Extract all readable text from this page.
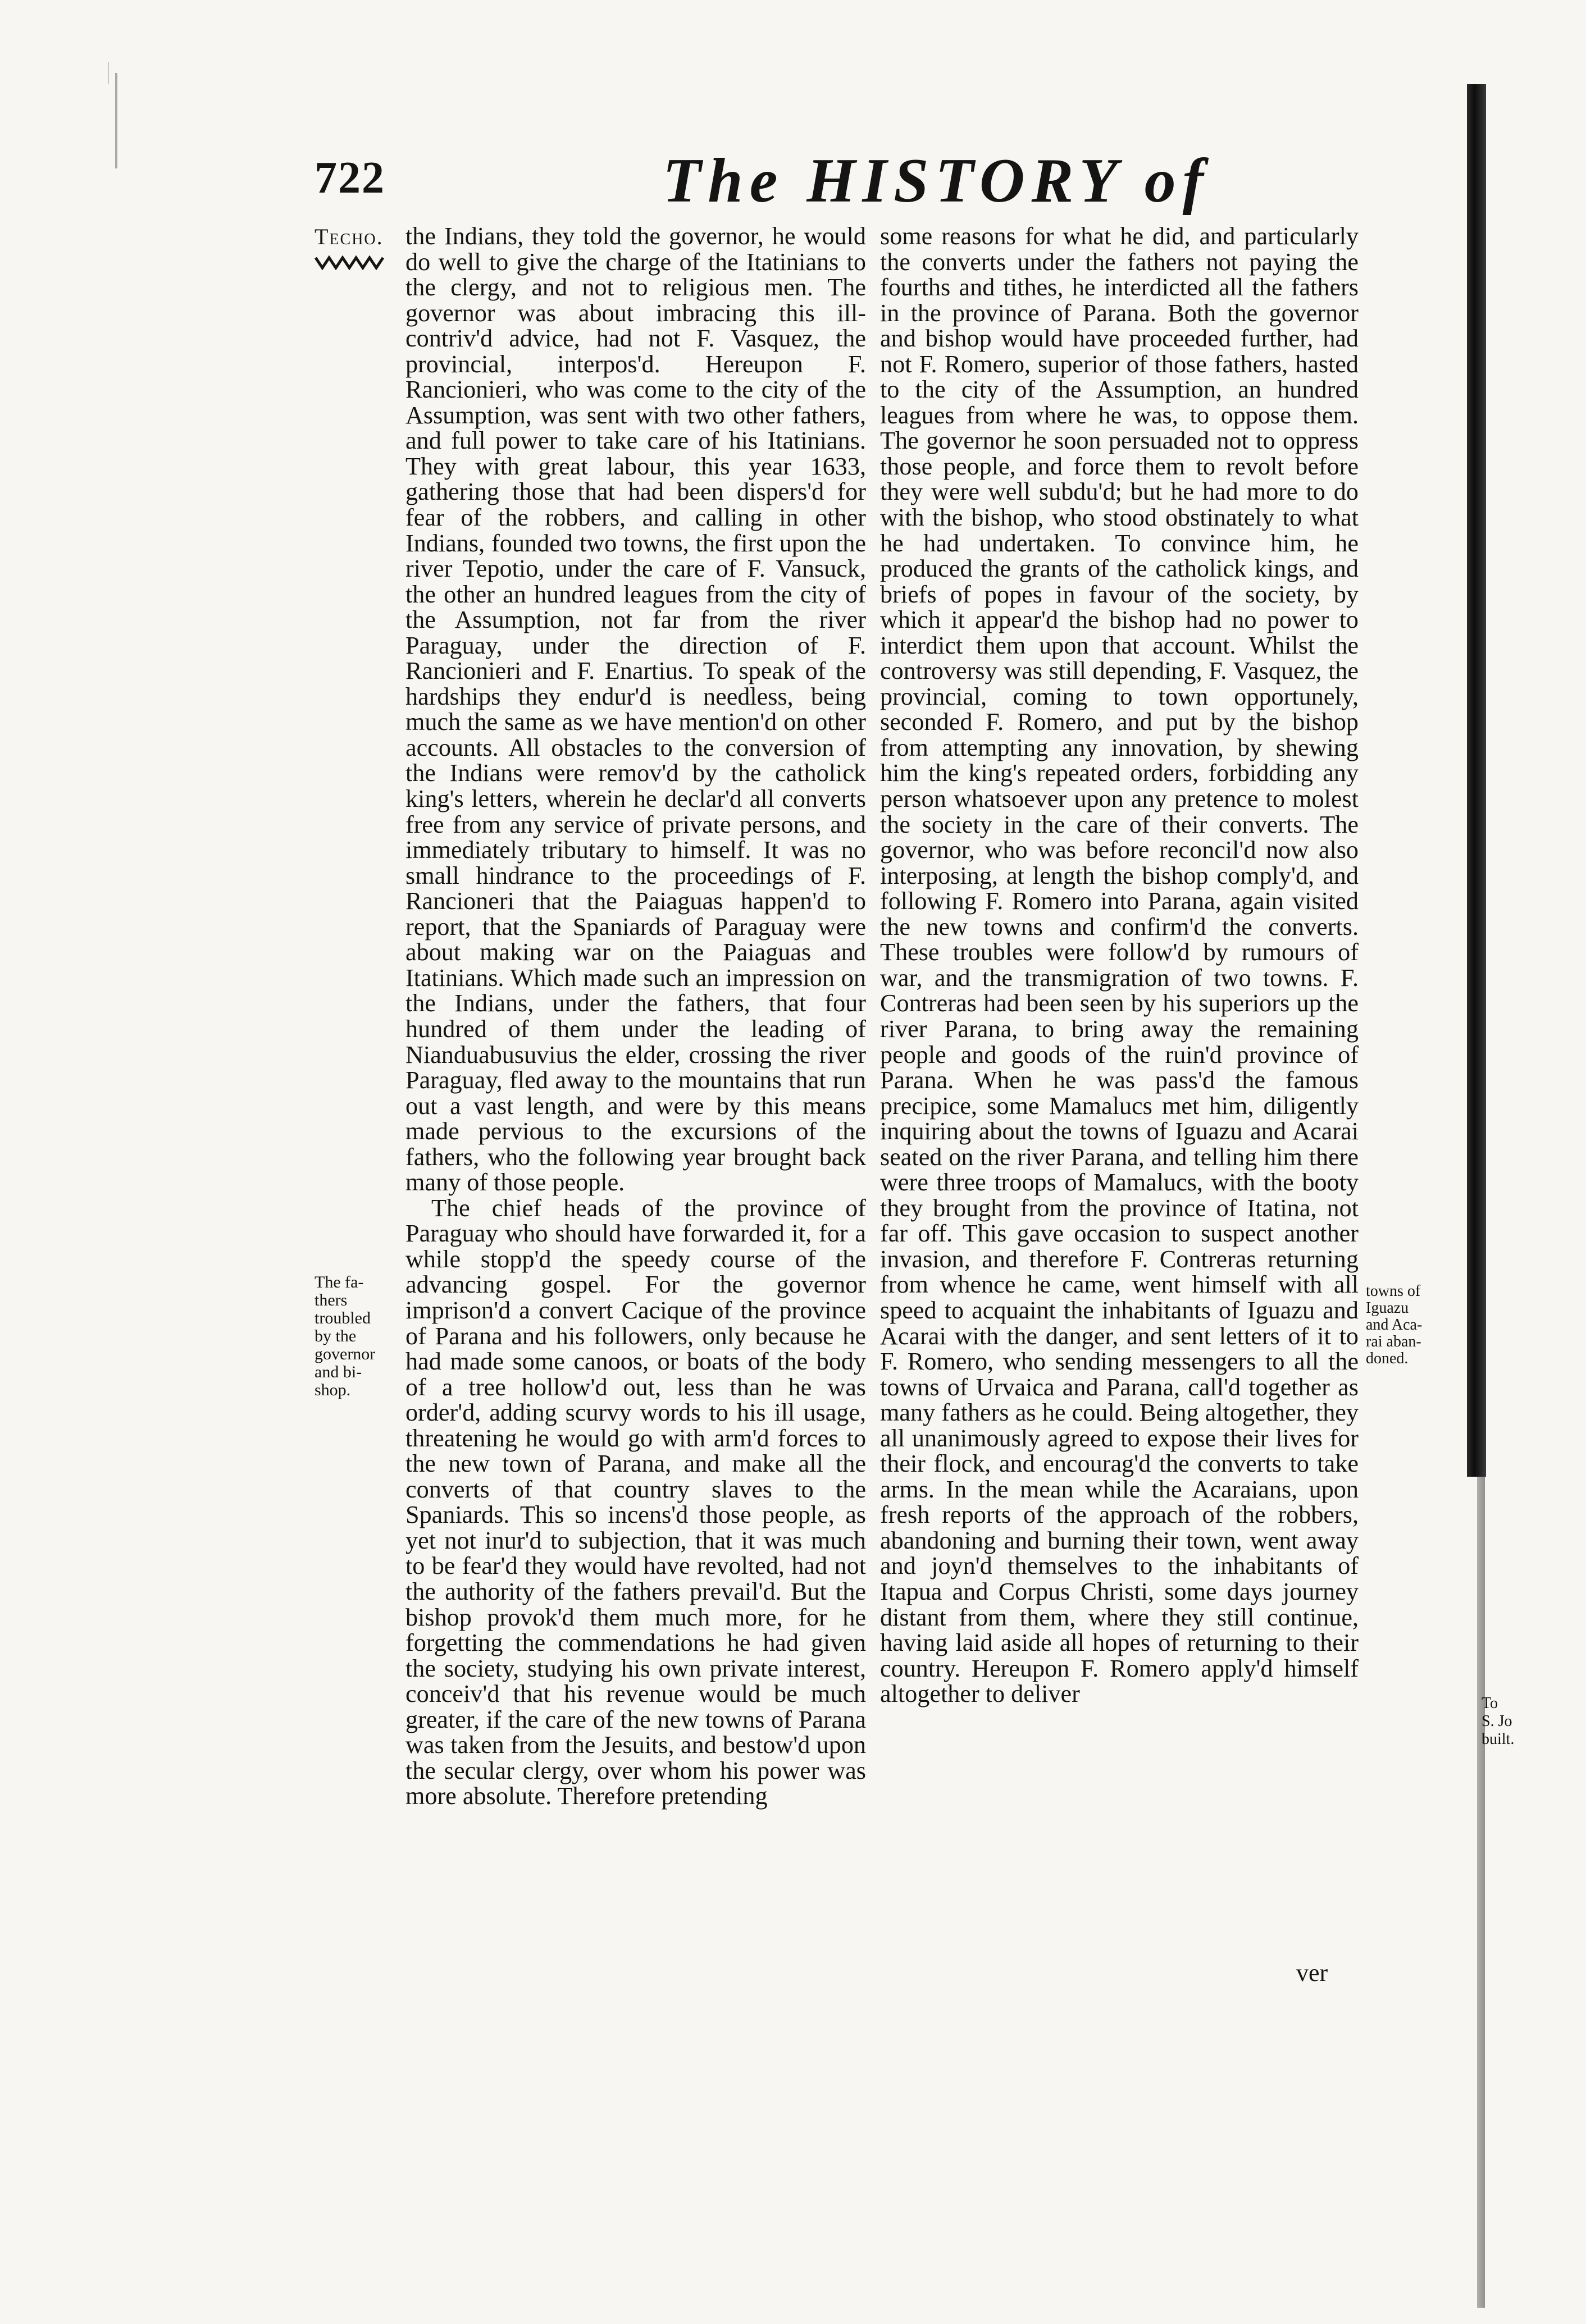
722	The HISTORY of
Techo. the Indians, they told the governor, he would do well to give the charge of the Itatinians to the clergy, and not to religious men. The governor was about imbracing this ill-contriv'd advice, had not F. Vasquez, the provincial, interpos'd. Hereupon F. Rancionieri, who was come to the city of the Assumption, was sent with two other fathers, and full power to take care of his Itatinians. They with great labour, this year 1633, gathering those that had been dispers'd for fear of the robbers, and calling in other Indians, founded two towns, the first upon the river Tepotio, under the care of F. Vansuck, the other an hundred leagues from the city of the Assumption, not far from the river Paraguay, under the direction of F. Rancionieri and F. Enartius. To speak of the hardships they endur'd is needless, being much the same as we have mention'd on other accounts. All obstacles to the conversion of the Indians were remov'd by the catholick king's letters, wherein he declar'd all converts free from any service of private persons, and immediately tributary to himself. It was no small hindrance to the proceedings of F. Rancioneri that the Paiaguas happen'd to report, that the Spaniards of Paraguay were about making war on the Paiaguas and Itatinians. Which made such an impression on the Indians, under the fathers, that four hundred of them under the leading of Nianduabusuvius the elder, crossing the river Paraguay, fled away to the mountains that run out a vast length, and were by this means made pervious to the excursions of the fathers, who the following year brought back many of those people.

The chief heads of the province of Paraguay who should have forwarded it, for a while stopp'd the speedy course of the advancing gospel. For the governor imprison'd a convert Cacique of the province of Parana and his followers, only because he had made some canoos, or boats of the body of a tree hollow'd out, less than he was order'd, adding scurvy words to his ill usage, threatening he would go with arm'd forces to the new town of Parana, and make all the converts of that country slaves to the Spaniards. This so incens'd those people, as yet not inur'd to subjection, that it was much to be fear'd they would have revolted, had not the authority of the fathers prevail'd. But the bishop provok'd them much more, for he forgetting the commendations he had given the society, studying his own private interest, conceiv'd that his revenue would be much greater, if the care of the new towns of Parana was taken from the Jesuits, and bestow'd upon the secular clergy, over whom his power was more absolute. Therefore pretending

some reasons for what he did, and particularly the converts under the fathers not paying the fourths and tithes, he interdicted all the fathers in the province of Parana. Both the governor and bishop would have proceeded further, had not F. Romero, superior of those fathers, hasted to the city of the Assumption, an hundred leagues from where he was, to oppose them. The governor he soon persuaded not to oppress those people, and force them to revolt before they were well subdu'd; but he had more to do with the bishop, who stood obstinately to what he had undertaken. To convince him, he produced the grants of the catholick kings, and briefs of popes in favour of the society, by which it appear'd the bishop had no power to interdict them upon that account. Whilst the controversy was still depending, F. Vasquez, the provincial, coming to town opportunely, seconded F. Romero, and put by the bishop from attempting any innovation, by shewing him the king's repeated orders, forbidding any person whatsoever upon any pretence to molest the society in the care of their converts. The governor, who was before reconcil'd now also interposing, at length the bishop comply'd, and following F. Romero into Parana, again visited the new towns and confirm'd the converts. These troubles were follow'd by rumours of war, and the transmigration of two towns. F. Contreras had been seen by his superiors up the river Parana, to bring away the remaining people and goods of the ruin'd province of Parana. When he was pass'd the famous precipice, some Mamalucs met him, diligently inquiring about the towns of Iguazu and Acarai seated on the river Parana, and telling him there were three troops of Mamalucs, with the booty they brought from the province of Itatina, not far off. This gave occasion to suspect another invasion, and therefore F. Contreras returning from whence he came, went himself with all speed to acquaint the inhabitants of Iguazu and Acarai with the danger, and sent letters of it to F. Romero, who sending messengers to all the towns of Urvaica and Parana, call'd together as many fathers as he could. Being altogether, they all unanimously agreed to expose their lives for their flock, and encourag'd the converts to take arms. In the mean while the Acaraians, upon fresh reports of the approach of the robbers, abandoning and burning their town, went away and joyn'd themselves to the inhabitants of Itapua and Corpus Christi, some days journey distant from them, where they still continue, having laid aside all hopes of returning to their country. Hereupon F. Romero apply'd himself altogether to deliver

The fa-
thers
troubled
by the
governor
and bi-
shop.
towns of
Iguazu
and Aca-
rai aban-
doned.
To
S. Jo
built.
ver
